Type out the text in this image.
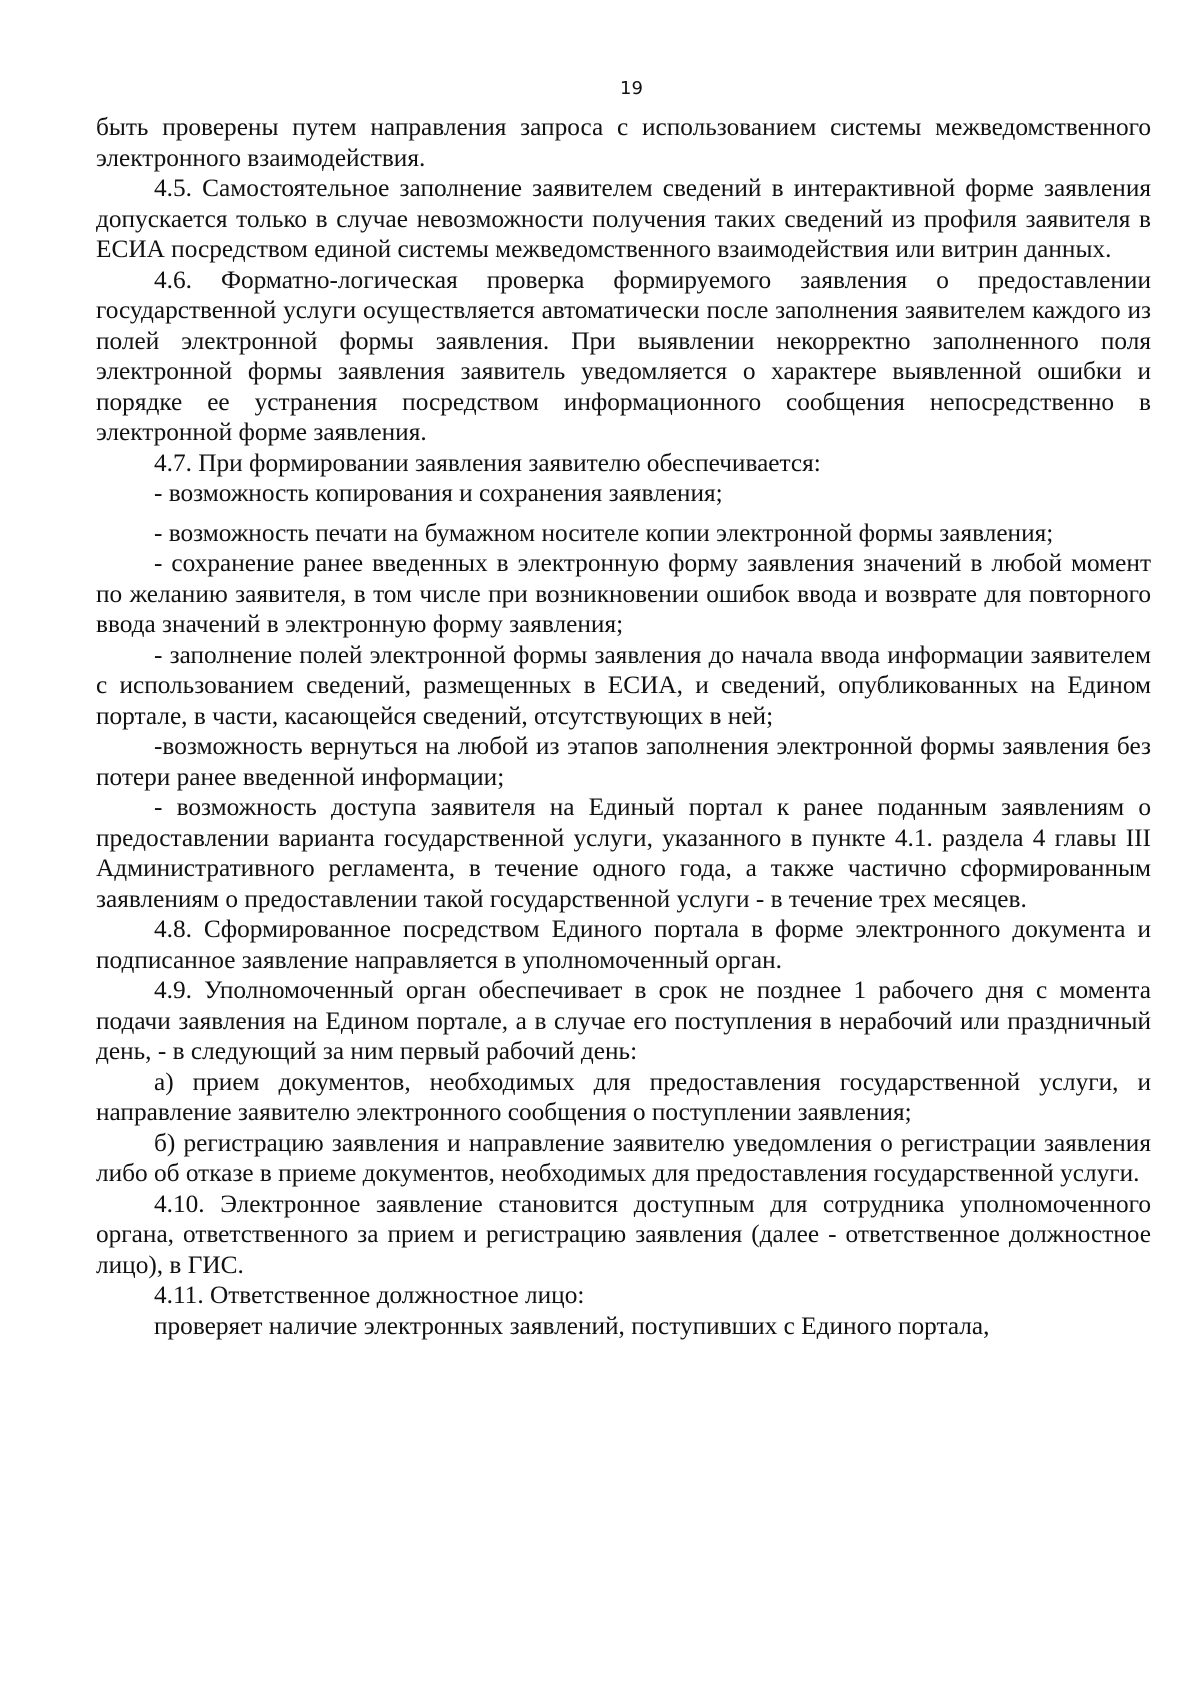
19

быть проверены путем направления запроса с использованием системы межведомственного электронного взаимодействия.

4.5. Самостоятельное заполнение заявителем сведений в интерактивной форме заявления допускается только в случае невозможности получения таких сведений из профиля заявителя в ЕСИА посредством единой системы межведомственного взаимодействия или витрин данных.

4.6. Форматно-логическая проверка формируемого заявления о предоставлении государственной услуги осуществляется автоматически после заполнения заявителем каждого из полей электронной формы заявления. При выявлении некорректно заполненного поля электронной формы заявления заявитель уведомляется о характере выявленной ошибки и порядке ее устранения посредством информационного сообщения непосредственно в электронной форме заявления.

4.7. При формировании заявления заявителю обеспечивается:

- возможность копирования и сохранения заявления;

- возможность печати на бумажном носителе копии электронной формы заявления;

- сохранение ранее введенных в электронную форму заявления значений в любой момент по желанию заявителя, в том числе при возникновении ошибок ввода и возврате для повторного ввода значений в электронную форму заявления;

- заполнение полей электронной формы заявления до начала ввода информации заявителем с использованием сведений, размещенных в ЕСИА, и сведений, опубликованных на Едином портале, в части, касающейся сведений, отсутствующих в ней;

-возможность вернуться на любой из этапов заполнения электронной формы заявления без потери ранее введенной информации;

- возможность доступа заявителя на Единый портал к ранее поданным заявлениям о предоставлении варианта государственной услуги, указанного в пункте 4.1. раздела 4 главы III Административного регламента, в течение одного года, а также частично сформированным заявлениям о предоставлении такой государственной услуги - в течение трех месяцев.

4.8. Сформированное посредством Единого портала в форме электронного документа и подписанное заявление направляется в уполномоченный орган.

4.9. Уполномоченный орган обеспечивает в срок не позднее 1 рабочего дня с момента подачи заявления на Едином портале, а в случае его поступления в нерабочий или праздничный день, - в следующий за ним первый рабочий день:

а) прием документов, необходимых для предоставления государственной услуги, и направление заявителю электронного сообщения о поступлении заявления;

б) регистрацию заявления и направление заявителю уведомления о регистрации заявления либо об отказе в приеме документов, необходимых для предоставления государственной услуги.

4.10. Электронное заявление становится доступным для сотрудника уполномоченного органа, ответственного за прием и регистрацию заявления (далее - ответственное должностное лицо), в ГИС.

4.11. Ответственное должностное лицо:

проверяет наличие электронных заявлений, поступивших с Единого портала,
